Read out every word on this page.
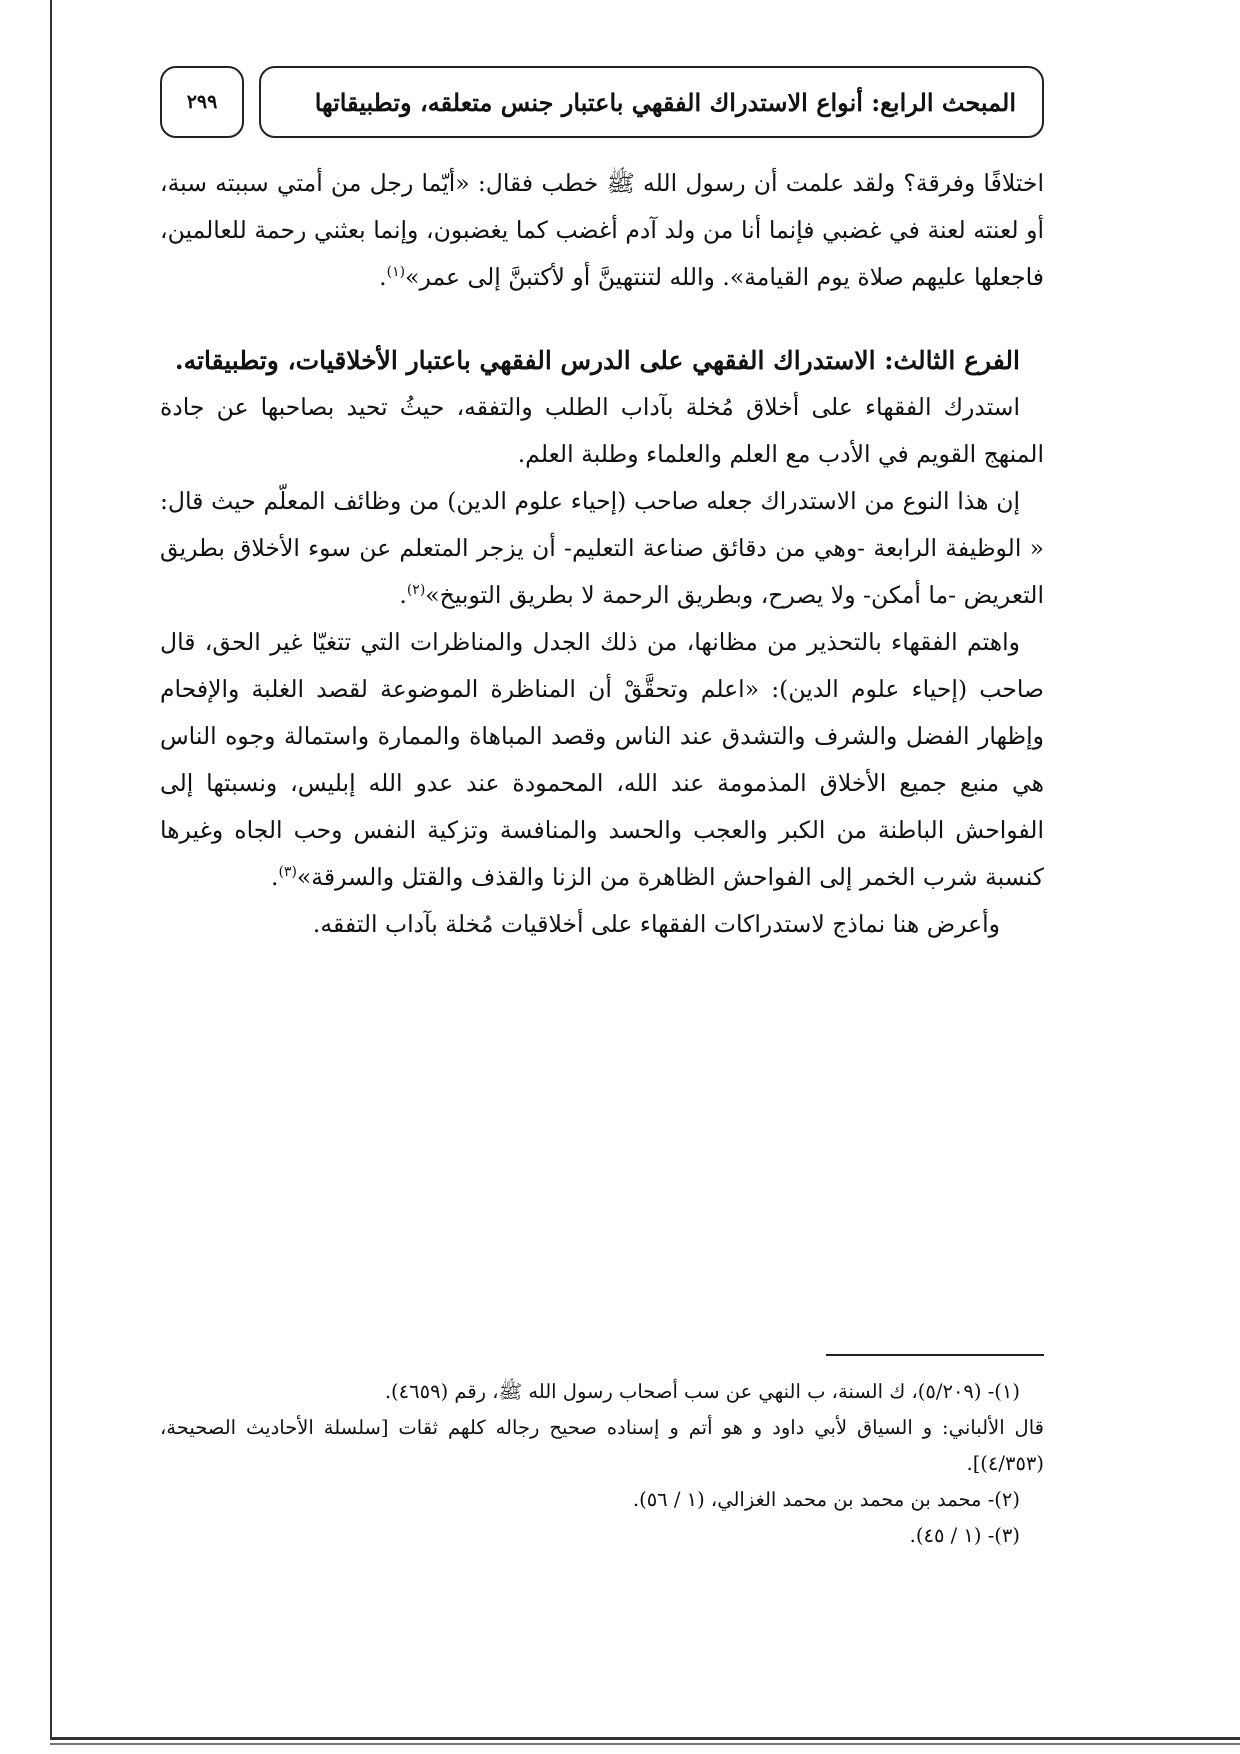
المبحث الرابع: أنواع الاستدراك الفقهي باعتبار جنس متعلقه، وتطبيقاتها
٢٩٩

اختلافًا وفرقة؟ ولقد علمت أن رسول الله ﷺ خطب فقال: «أيّما رجل من أمتي سببته سبة، أو لعنته لعنة في غضبي فإنما أنا من ولد آدم أغضب كما يغضبون، وإنما بعثني رحمة للعالمين، فاجعلها عليهم صلاة يوم القيامة». والله لتنتهينَّ أو لأكتبنَّ إلى عمر»$^{(١)}$.

الفرع الثالث: الاستدراك الفقهي على الدرس الفقهي باعتبار الأخلاقيات، وتطبيقاته.

استدرك الفقهاء على أخلاق مُخلة بآداب الطلب والتفقه، حيثُ تحيد بصاحبها عن جادة المنهج القويم في الأدب مع العلم والعلماء وطلبة العلم.

إن هذا النوع من الاستدراك جعله صاحب (إحياء علوم الدين) من وظائف المعلّم حيث قال: « الوظيفة الرابعة -وهي من دقائق صناعة التعليم- أن يزجر المتعلم عن سوء الأخلاق بطريق التعريض -ما أمكن- ولا يصرح، وبطريق الرحمة لا بطريق التوبيخ»$^{(٢)}$.

واهتم الفقهاء بالتحذير من مظانها، من ذلك الجدل والمناظرات التي تتغيّا غير الحق، قال صاحب (إحياء علوم الدين): «اعلم وتحقَّقْ أن المناظرة الموضوعة لقصد الغلبة والإفحام وإظهار الفضل والشرف والتشدق عند الناس وقصد المباهاة والممارة واستمالة وجوه الناس هي منبع جميع الأخلاق المذمومة عند الله، المحمودة عند عدو الله إبليس، ونسبتها إلى الفواحش الباطنة من الكبر والعجب والحسد والمنافسة وتزكية النفس وحب الجاه وغيرها كنسبة شرب الخمر إلى الفواحش الظاهرة من الزنا والقذف والقتل والسرقة»$^{(٣)}$.

وأعرض هنا نماذج لاستدراكات الفقهاء على أخلاقيات مُخلة بآداب التفقه.

(١)- (٥/٢٠٩)، ك السنة، ب النهي عن سب أصحاب رسول الله ﷺ، رقم (٤٦٥٩).

قال الألباني: و السياق لأبي داود و هو أتم و إسناده صحيح رجاله كلهم ثقات [سلسلة الأحاديث الصحيحة، (٤/٣٥٣)].

(٢)- محمد بن محمد بن محمد الغزالي، (١ / ٥٦).

(٣)- (١ / ٤٥).
